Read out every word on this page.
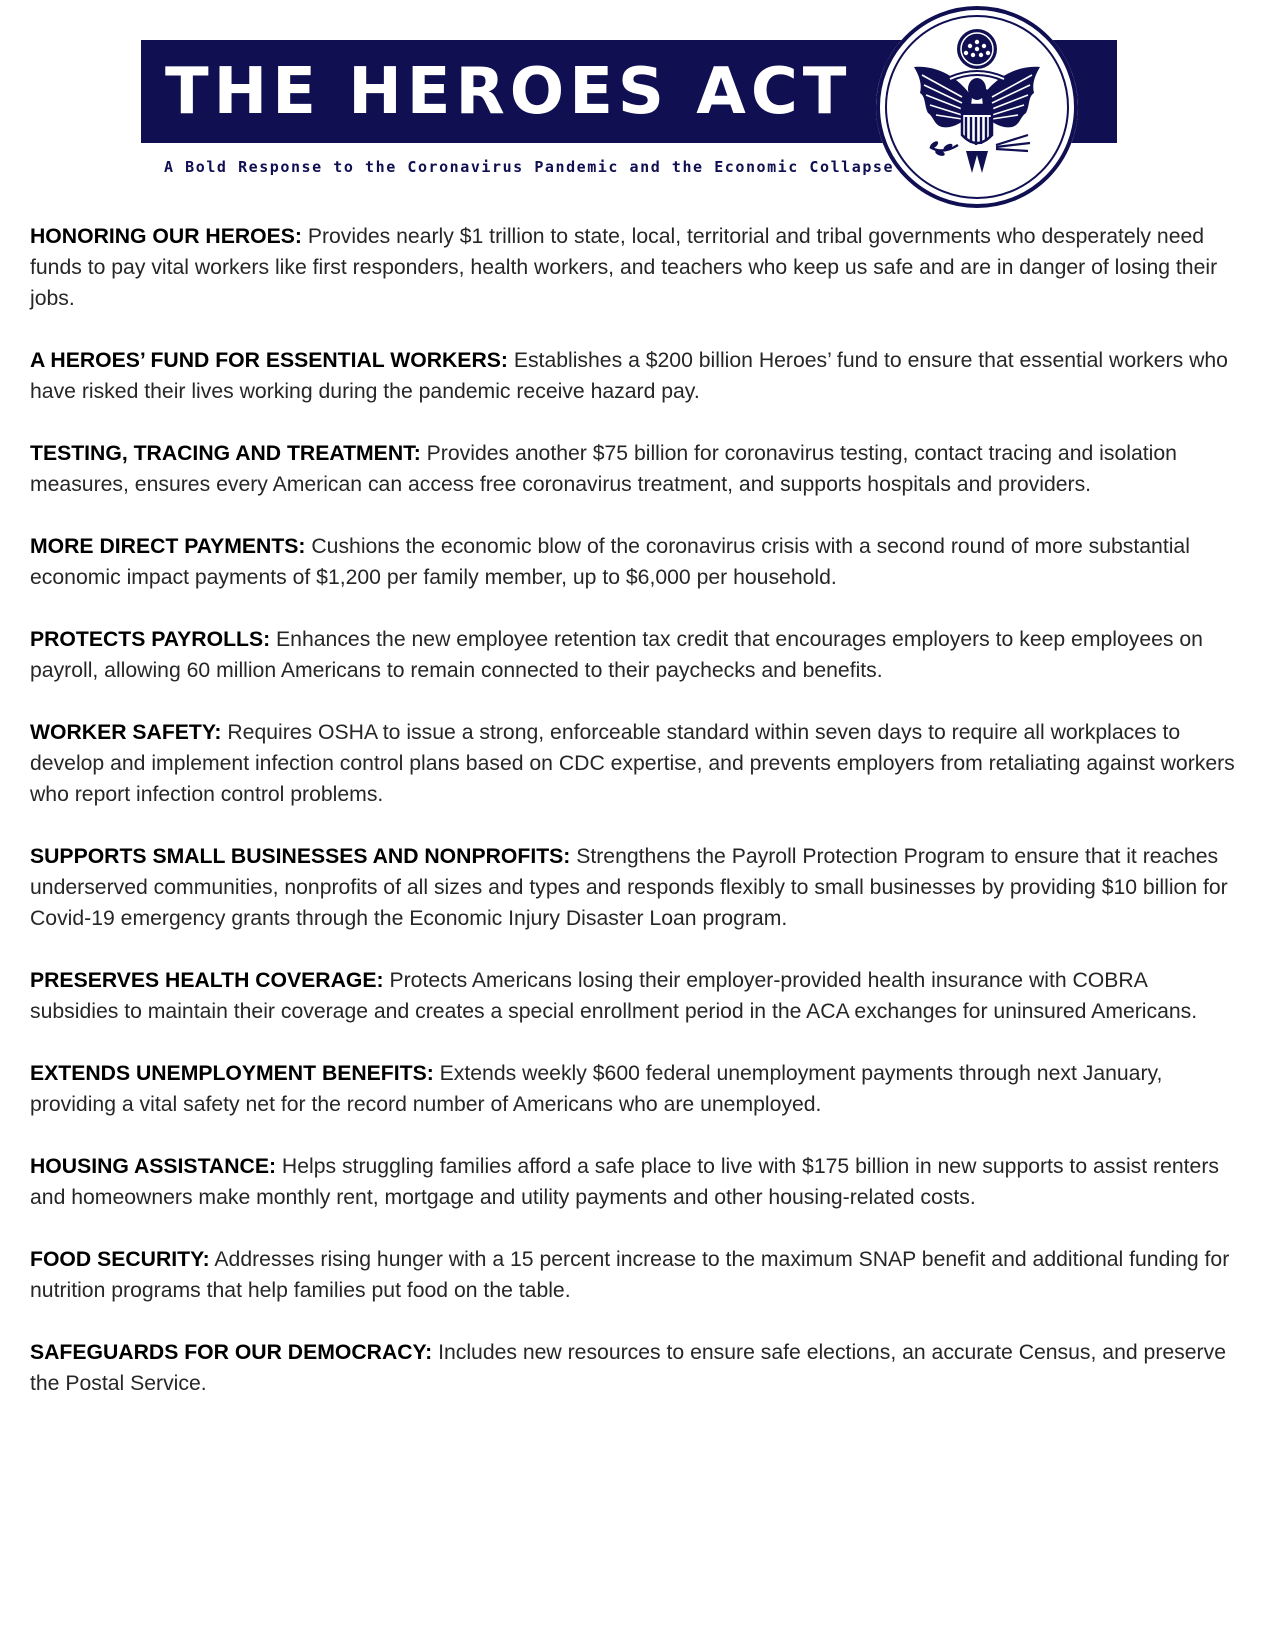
THE HEROES ACT
A Bold Response to the Coronavirus Pandemic and the Economic Collapse

HONORING OUR HEROES: Provides nearly $1 trillion to state, local, territorial and tribal governments who desperately need funds to pay vital workers like first responders, health workers, and teachers who keep us safe and are in danger of losing their jobs.

A HEROES’ FUND FOR ESSENTIAL WORKERS: Establishes a $200 billion Heroes’ fund to ensure that essential workers who have risked their lives working during the pandemic receive hazard pay.

TESTING, TRACING AND TREATMENT: Provides another $75 billion for coronavirus testing, contact tracing and isolation measures, ensures every American can access free coronavirus treatment, and supports hospitals and providers.

MORE DIRECT PAYMENTS: Cushions the economic blow of the coronavirus crisis with a second round of more substantial economic impact payments of $1,200 per family member, up to $6,000 per household.

PROTECTS PAYROLLS: Enhances the new employee retention tax credit that encourages employers to keep employees on payroll, allowing 60 million Americans to remain connected to their paychecks and benefits.

WORKER SAFETY: Requires OSHA to issue a strong, enforceable standard within seven days to require all workplaces to develop and implement infection control plans based on CDC expertise, and prevents employers from retaliating against workers who report infection control problems.

SUPPORTS SMALL BUSINESSES AND NONPROFITS: Strengthens the Payroll Protection Program to ensure that it reaches underserved communities, nonprofits of all sizes and types and responds flexibly to small businesses by providing $10 billion for Covid-19 emergency grants through the Economic Injury Disaster Loan program.

PRESERVES HEALTH COVERAGE: Protects Americans losing their employer-provided health insurance with COBRA subsidies to maintain their coverage and creates a special enrollment period in the ACA exchanges for uninsured Americans.

EXTENDS UNEMPLOYMENT BENEFITS: Extends weekly $600 federal unemployment payments through next January, providing a vital safety net for the record number of Americans who are unemployed.

HOUSING ASSISTANCE: Helps struggling families afford a safe place to live with $175 billion in new supports to assist renters and homeowners make monthly rent, mortgage and utility payments and other housing-related costs.

FOOD SECURITY: Addresses rising hunger with a 15 percent increase to the maximum SNAP benefit and additional funding for nutrition programs that help families put food on the table.

SAFEGUARDS FOR OUR DEMOCRACY: Includes new resources to ensure safe elections, an accurate Census, and preserve the Postal Service.
